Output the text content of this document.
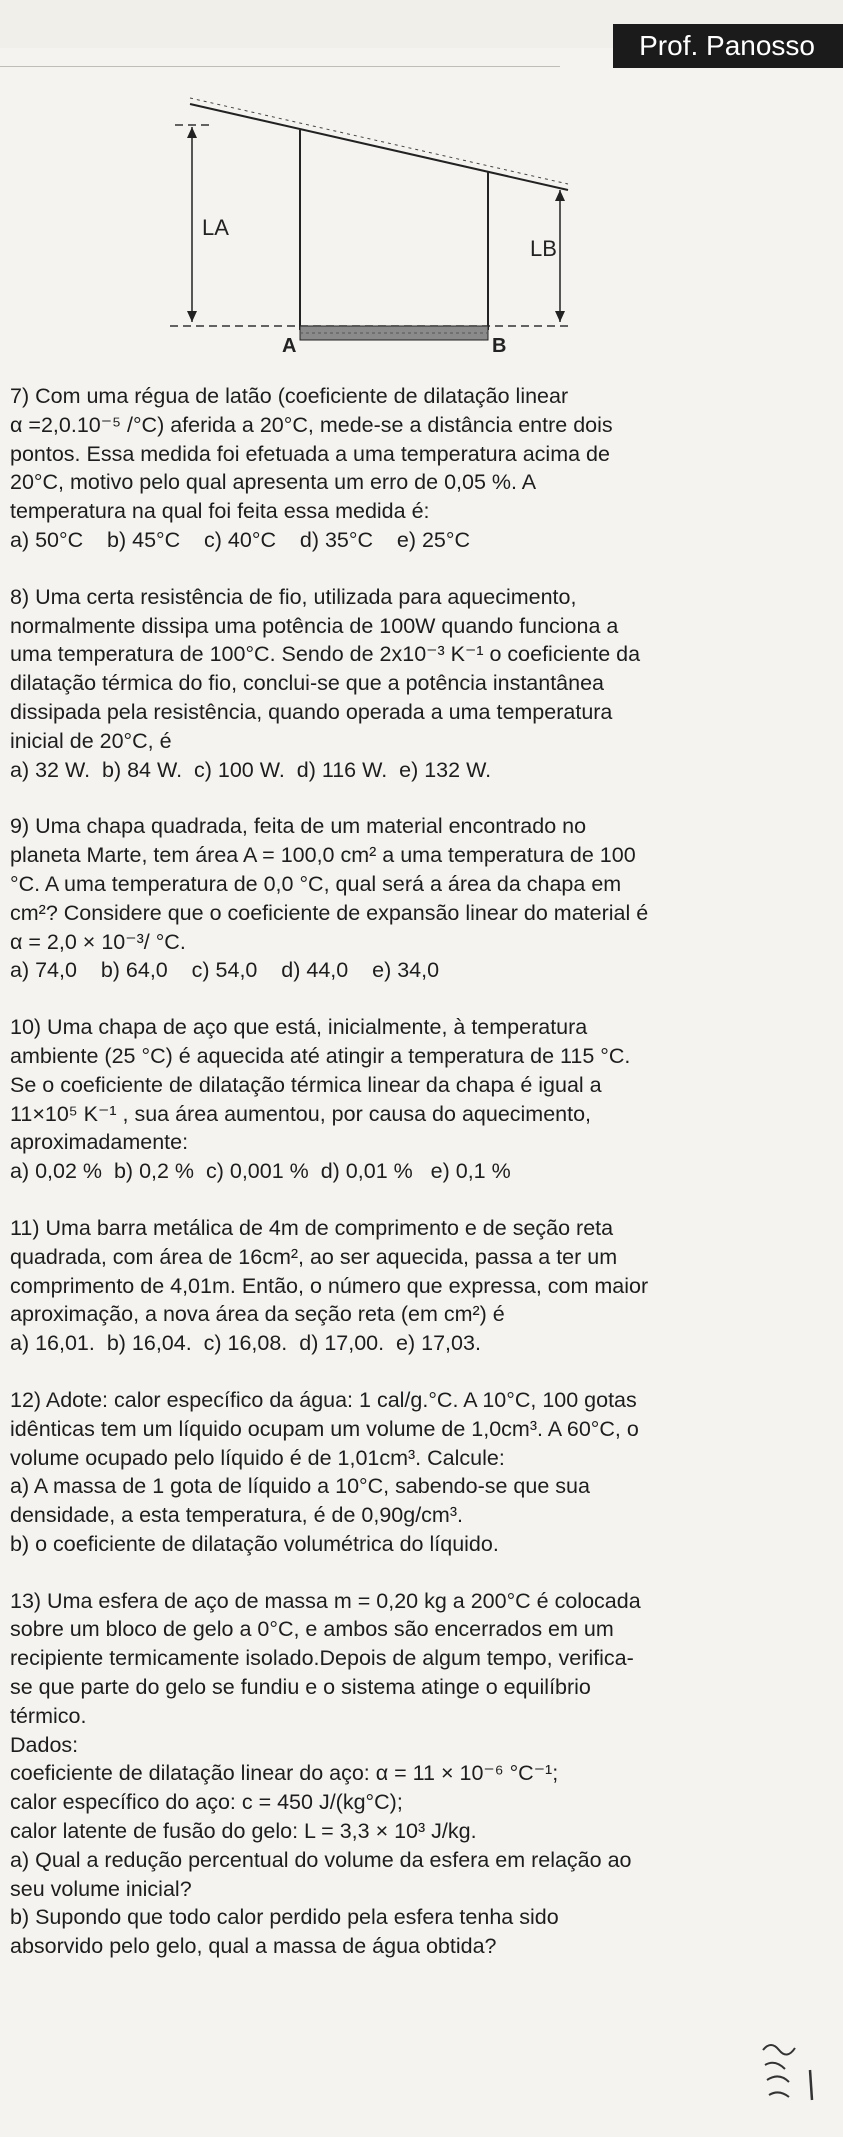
Prof. Panosso
LA
LB
A	B

7) Com uma régua de latão (coeficiente de dilatação linear

α =2,0.10⁻⁵ /°C) aferida a 20°C, mede-se a distância entre dois

pontos. Essa medida foi efetuada a uma temperatura acima de

20°C, motivo pelo qual apresenta um erro de 0,05 %. A

temperatura na qual foi feita essa medida é:

a) 50°C    b) 45°C    c) 40°C    d) 35°C    e) 25°C

8) Uma certa resistência de fio, utilizada para aquecimento,

normalmente dissipa uma potência de 100W quando funciona a

uma temperatura de 100°C. Sendo de 2x10⁻³ K⁻¹ o coeficiente da

dilatação térmica do fio, conclui-se que a potência instantânea

dissipada pela resistência, quando operada a uma temperatura

inicial de 20°C, é

a) 32 W.  b) 84 W.  c) 100 W.  d) 116 W.  e) 132 W.

9) Uma chapa quadrada, feita de um material encontrado no

planeta Marte, tem área A = 100,0 cm² a uma temperatura de 100

°C. A uma temperatura de 0,0 °C, qual será a área da chapa em

cm²? Considere que o coeficiente de expansão linear do material é

α = 2,0 × 10⁻³/ °C.

a) 74,0    b) 64,0    c) 54,0    d) 44,0    e) 34,0

10) Uma chapa de aço que está, inicialmente, à temperatura

ambiente (25 °C) é aquecida até atingir a temperatura de 115 °C.

Se o coeficiente de dilatação térmica linear da chapa é igual a

11×10⁵ K⁻¹ , sua área aumentou, por causa do aquecimento,

aproximadamente:

a) 0,02 %  b) 0,2 %  c) 0,001 %  d) 0,01 %   e) 0,1 %

11) Uma barra metálica de 4m de comprimento e de seção reta

quadrada, com área de 16cm², ao ser aquecida, passa a ter um

comprimento de 4,01m. Então, o número que expressa, com maior

aproximação, a nova área da seção reta (em cm²) é

a) 16,01.  b) 16,04.  c) 16,08.  d) 17,00.  e) 17,03.

12) Adote: calor específico da água: 1 cal/g.°C. A 10°C, 100 gotas

idênticas tem um líquido ocupam um volume de 1,0cm³. A 60°C, o

volume ocupado pelo líquido é de 1,01cm³. Calcule:

a) A massa de 1 gota de líquido a 10°C, sabendo-se que sua

densidade, a esta temperatura, é de 0,90g/cm³.

b) o coeficiente de dilatação volumétrica do líquido.

13) Uma esfera de aço de massa m = 0,20 kg a 200°C é colocada

sobre um bloco de gelo a 0°C, e ambos são encerrados em um

recipiente termicamente isolado.Depois de algum tempo, verifica-

se que parte do gelo se fundiu e o sistema atinge o equilíbrio

térmico.

Dados:

coeficiente de dilatação linear do aço: α = 11 × 10⁻⁶ °C⁻¹;

calor específico do aço: c = 450 J/(kg°C);

calor latente de fusão do gelo: L = 3,3 × 10³ J/kg.

a) Qual a redução percentual do volume da esfera em relação ao

seu volume inicial?

b) Supondo que todo calor perdido pela esfera tenha sido

absorvido pelo gelo, qual a massa de água obtida?
